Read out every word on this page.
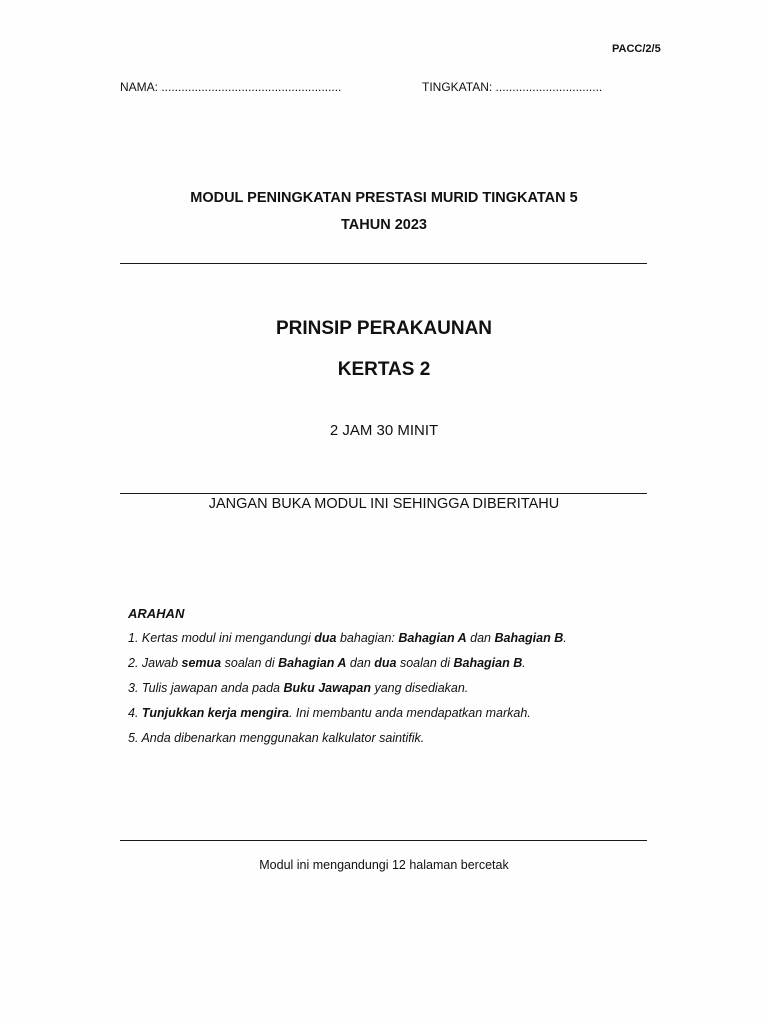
PACC/2/5
NAMA: ......................................................	TINGKATAN: ................................
MODUL PENINGKATAN PRESTASI MURID TINGKATAN 5
TAHUN 2023
PRINSIP PERAKAUNAN
KERTAS 2
2 JAM 30 MINIT
JANGAN BUKA MODUL INI SEHINGGA DIBERITAHU
ARAHAN
1. Kertas modul ini mengandungi dua bahagian: Bahagian A dan Bahagian B.
2. Jawab semua soalan di Bahagian A dan dua soalan di Bahagian B.
3. Tulis jawapan anda pada Buku Jawapan yang disediakan.
4. Tunjukkan kerja mengira. Ini membantu anda mendapatkan markah.
5. Anda dibenarkan menggunakan kalkulator saintifik.
Modul ini mengandungi 12 halaman bercetak
